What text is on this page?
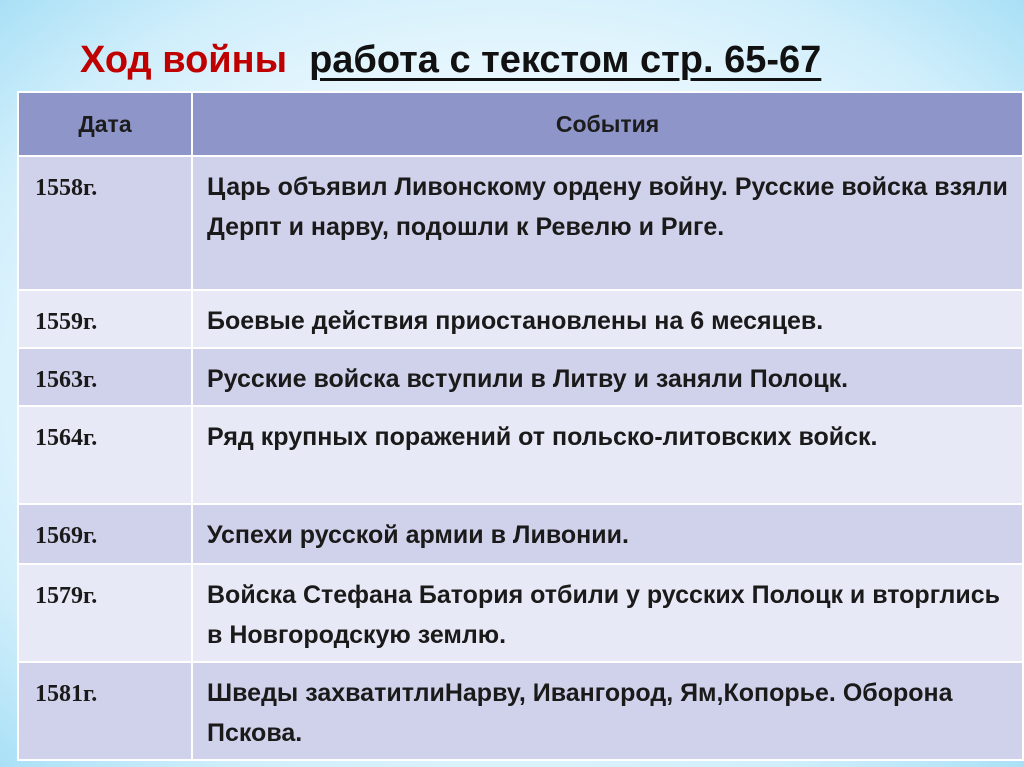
Ход войны работа с текстом стр. 65-67
Дата	События
1558г.	Царь объявил Ливонскому ордену войну. Русские войска взяли Дерпт и нарву, подошли к Ревелю и Риге.
1559г.	Боевые действия приостановлены на 6 месяцев.
1563г.	Русские войска вступили в Литву и заняли Полоцк.
1564г.	Ряд крупных поражений от польско-литовских войск.
1569г.	Успехи русской армии в Ливонии.
1579г.	Войска Стефана Батория отбили у русских Полоцк и вторглись в Новгородскую землю.
1581г.	Шведы захватитлиНарву, Ивангород, Ям,Копорье. Оборона Пскова.
